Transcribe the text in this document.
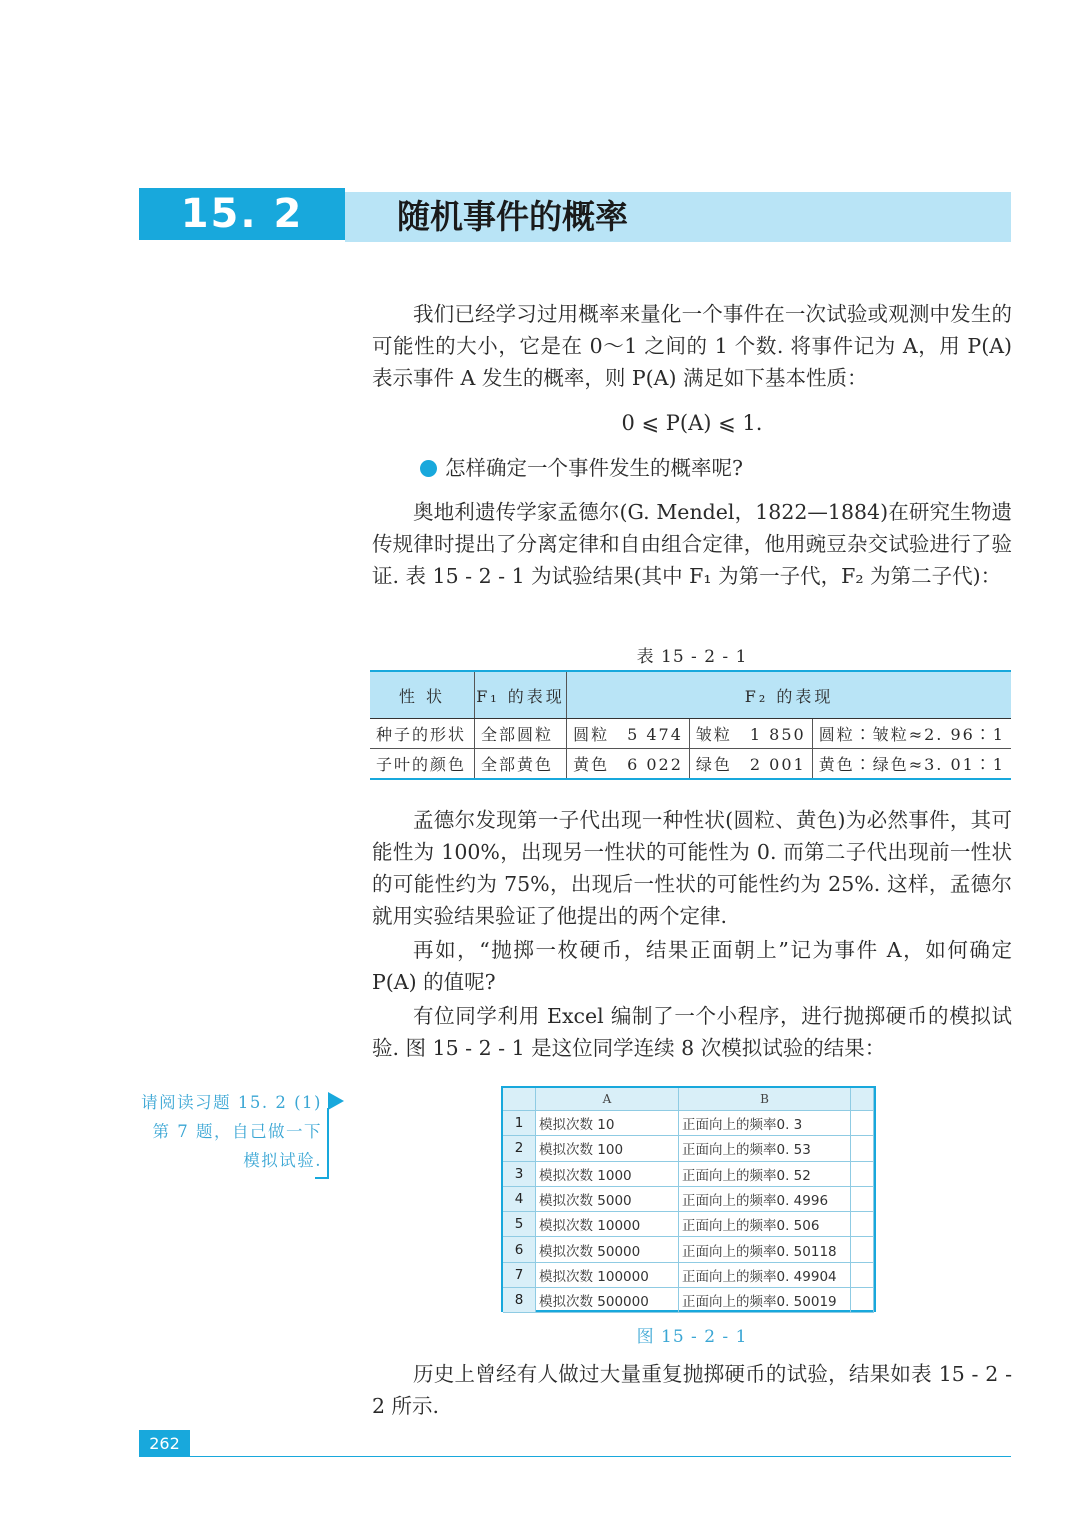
15. 2	随机事件的概率
我们已经学习过用概率来量化一个事件在一次试验或观测中发生的可能性的大小，它是在 0～1 之间的 1 个数. 将事件记为 A，用 P(A) 表示事件 A 发生的概率，则 P(A) 满足如下基本性质：
0 ⩽ P(A) ⩽ 1.
怎样确定一个事件发生的概率呢?
奥地利遗传学家孟德尔(G. Mendel，1822—1884)在研究生物遗传规律时提出了分离定律和自由组合定律，他用豌豆杂交试验进行了验证. 表 15 - 2 - 1 为试验结果(其中 F₁ 为第一子代，F₂ 为第二子代)：
表 15 - 2 - 1
性 状	F₁ 的表现	F₂ 的表现		
种子的形状	全部圆粒	圆粒　5 474	皱粒　1 850	圆粒∶皱粒≈2. 96∶1
子叶的颜色	全部黄色	黄色　6 022	绿色　2 001	黄色∶绿色≈3. 01∶1
孟德尔发现第一子代出现一种性状(圆粒、黄色)为必然事件，其可能性为 100%，出现另一性状的可能性为 0. 而第二子代出现前一性状的可能性约为 75%，出现后一性状的可能性约为 25%. 这样，孟德尔就用实验结果验证了他提出的两个定律.
再如，“抛掷一枚硬币，结果正面朝上”记为事件 A，如何确定 P(A) 的值呢?
有位同学利用 Excel 编制了一个小程序，进行抛掷硬币的模拟试验. 图 15 - 2 - 1 是这位同学连续 8 次模拟试验的结果：
请阅读习题 15. 2 (1)第 7 题，自己做一下模拟试验.
	A	B	
1	模拟次数 10	正面向上的频率0. 3	
2	模拟次数 100	正面向上的频率0. 53	
3	模拟次数 1000	正面向上的频率0. 52	
4	模拟次数 5000	正面向上的频率0. 4996	
5	模拟次数 10000	正面向上的频率0. 506	
6	模拟次数 50000	正面向上的频率0. 50118	
7	模拟次数 100000	正面向上的频率0. 49904	
8	模拟次数 500000	正面向上的频率0. 50019	
图 15 - 2 - 1
历史上曾经有人做过大量重复抛掷硬币的试验，结果如表 15 - 2 - 2 所示.
262
